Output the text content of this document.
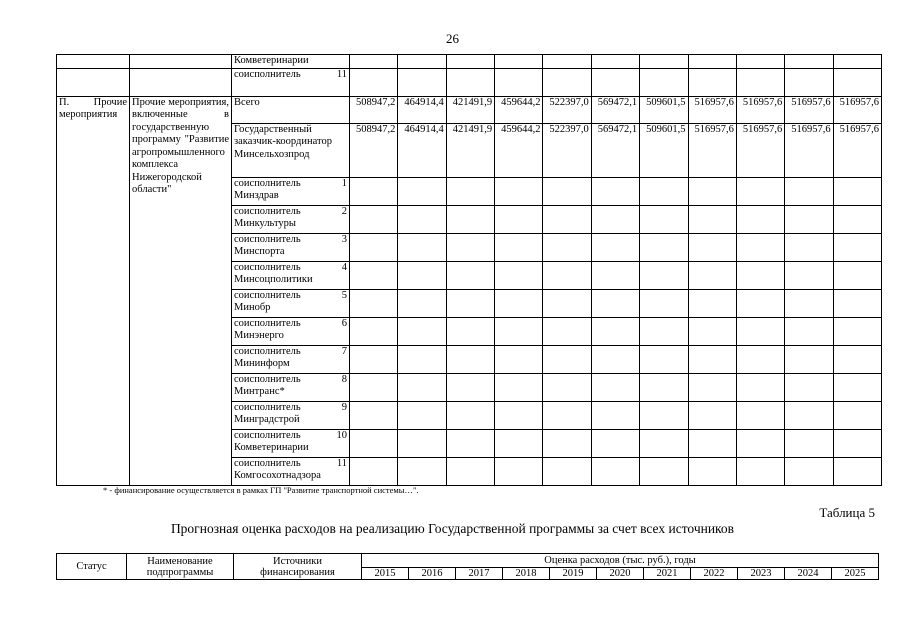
26

		Комветеринарии											

		соисполнитель 11											

П. Прочие мероприятия	Прочие мероприятия, включенные в государственную программу "Развитие агропромышленного комплекса Нижегородской области"	Всего	508947,2	464914,4	421491,9	459644,2	522397,0	569472,1	509601,5	516957,6	516957,6	516957,6	516957,6
		Государственный заказчик-координатор Минсельхозпрод	508947,2	464914,4	421491,9	459644,2	522397,0	569472,1	509601,5	516957,6	516957,6	516957,6	516957,6

		соисполнитель 1
Минздрав											

		соисполнитель 2
Минкультуры											

		соисполнитель 3
Минспорта											

		соисполнитель 4
Минсоцполитики											

		соисполнитель 5
Минобр											

		соисполнитель 6
Минэнерго											

		соисполнитель 7
Мининформ											

		соисполнитель 8
Минтранс*											

		соисполнитель 9
Минградстрой											

		соисполнитель 10
Комветеринарии											

		соисполнитель 11
Комгосохотнадзора											

* - финансирование осуществляется в рамках ГП "Развитие транспортной системы…".
Таблица 5
Прогнозная оценка расходов на реализацию Государственной программы за счет всех источников
Статус	Наименование подпрограммы	Источники финансирования	Оценка расходов (тыс. руб.), годы										
			2015	2016	2017	2018	2019	2020	2021	2022	2023	2024	2025
